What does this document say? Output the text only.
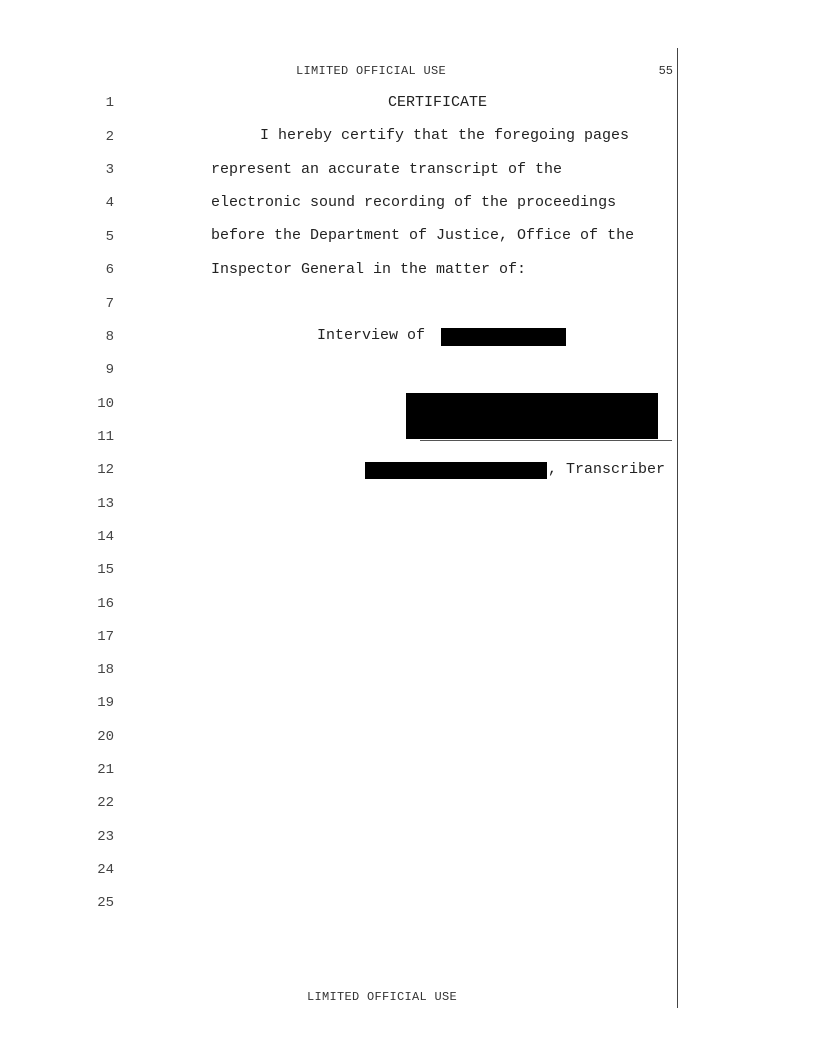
LIMITED OFFICIAL USE	55
1
2
3
4
5
6
7
8
9
10
11
12
13
14
15
16
17
18
19
20
21
22
23
24
25
CERTIFICATE
I hereby certify that the foregoing pages
represent an accurate transcript of the
electronic sound recording of the proceedings
before the Department of Justice, Office of the
Inspector General in the matter of:
Interview of
, Transcriber
LIMITED OFFICIAL USE
